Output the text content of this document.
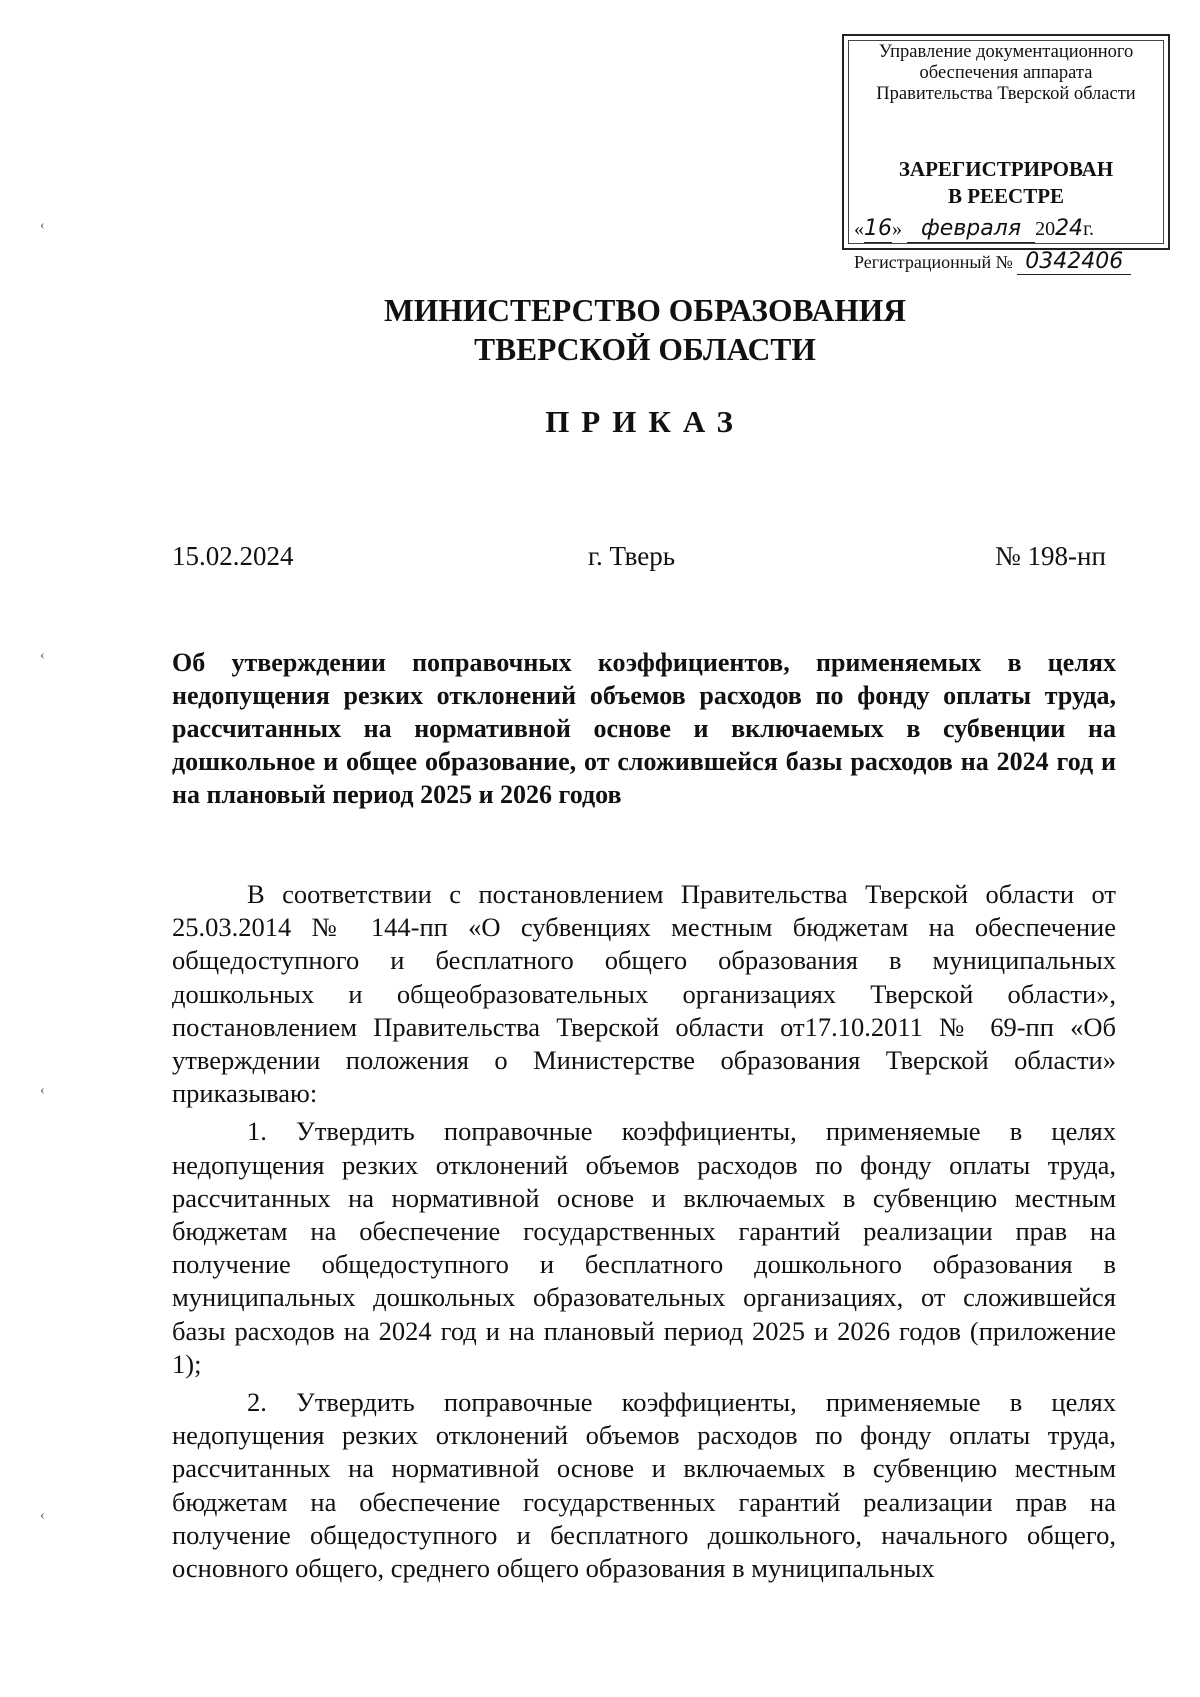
Управление документационного
обеспечения аппарата
Правительства Тверской области
ЗАРЕГИСТРИРОВАН
В РЕЕСТРЕ
«16» февраля 2024г.
Регистрационный № 0342406
МИНИСТЕРСТВО ОБРАЗОВАНИЯ
ТВЕРСКОЙ ОБЛАСТИ
ПРИКАЗ
15.02.2024	г. Тверь	№ 198-нп
Об утверждении поправочных коэффициентов, применяемых в целях недопущения резких отклонений объемов расходов по фонду оплаты труда, рассчитанных на нормативной основе и включаемых в субвенции на дошкольное и общее образование, от сложившейся базы расходов на 2024 год и на плановый период 2025 и 2026 годов

В соответствии с постановлением Правительства Тверской области от 25.03.2014 № 144-пп «О субвенциях местным бюджетам на обеспечение общедоступного и бесплатного общего образования в муниципальных дошкольных и общеобразовательных организациях Тверской области», постановлением Правительства Тверской области от17.10.2011 № 69-пп «Об утверждении положения о Министерстве образования Тверской области» приказываю:

1. Утвердить поправочные коэффициенты, применяемые в целях недопущения резких отклонений объемов расходов по фонду оплаты труда, рассчитанных на нормативной основе и включаемых в субвенцию местным бюджетам на обеспечение государственных гарантий реализации прав на получение общедоступного и бесплатного дошкольного образования в муниципальных дошкольных образовательных организациях, от сложившейся базы расходов на 2024 год и на плановый период 2025 и 2026 годов (приложение 1);

2. Утвердить поправочные коэффициенты, применяемые в целях недопущения резких отклонений объемов расходов по фонду оплаты труда, рассчитанных на нормативной основе и включаемых в субвенцию местным бюджетам на обеспечение государственных гарантий реализации прав на получение общедоступного и бесплатного дошкольного, начального общего, основного общего, среднего общего образования в муниципальных

‹
‹
‹
‹
